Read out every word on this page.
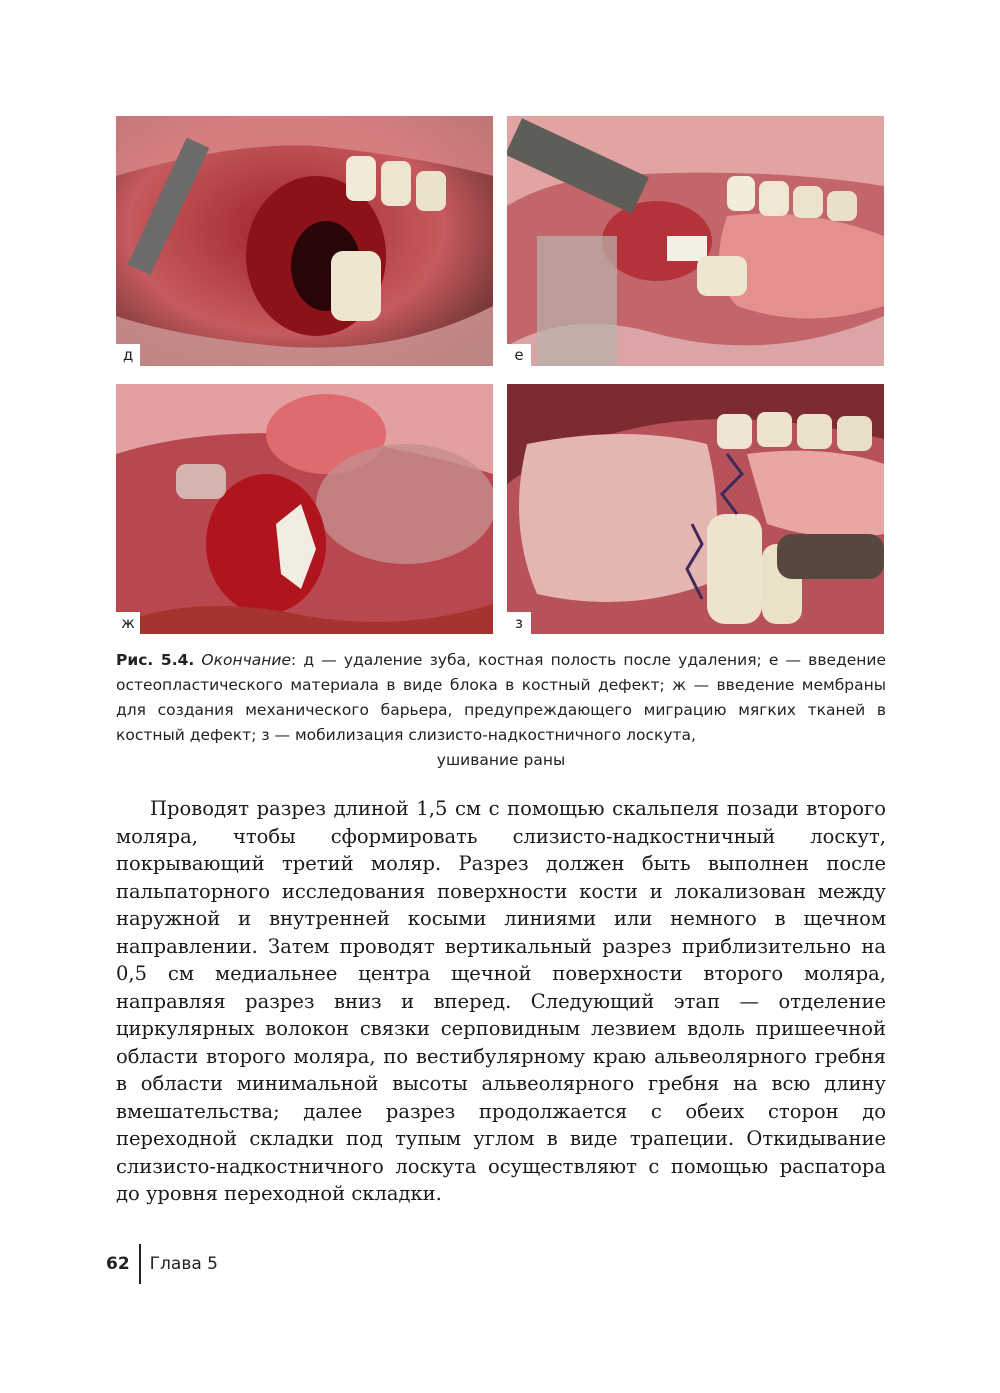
д	е
ж	з
Рис. 5.4. Окончание: д — удаление зуба, костная полость после удаления; е — введение остеопластического материала в виде блока в костный дефект; ж — введение мембраны для создания механического барьера, предупреждающего миграцию мягких тканей в костный дефект; з — мобилизация слизисто-надкостничного лоскута,
ушивание раны

Проводят разрез длиной 1,5 см с помощью скальпеля позади второго моляра, чтобы сформировать слизисто-надкостничный лоскут, покрывающий третий моляр. Разрез должен быть выполнен после пальпаторного исследования поверхности кости и локализован между наружной и внутренней косыми линиями или немного в щечном направлении. Затем проводят вертикальный разрез приблизительно на 0,5 см медиальнее центра щечной поверхности второго моляра, направляя разрез вниз и вперед. Следующий этап — отделение циркулярных волокон связки серповидным лезвием вдоль пришеечной области второго моляра, по вестибулярному краю альвеолярного гребня в области минимальной высоты альвеолярного гребня на всю длину вмешательства; далее разрез продолжается с обеих сторон до переходной складки под тупым углом в виде трапеции. Откидывание слизисто-надкостничного лоскута осуществляют с помощью распатора до уровня переходной складки.

62	Глава 5
